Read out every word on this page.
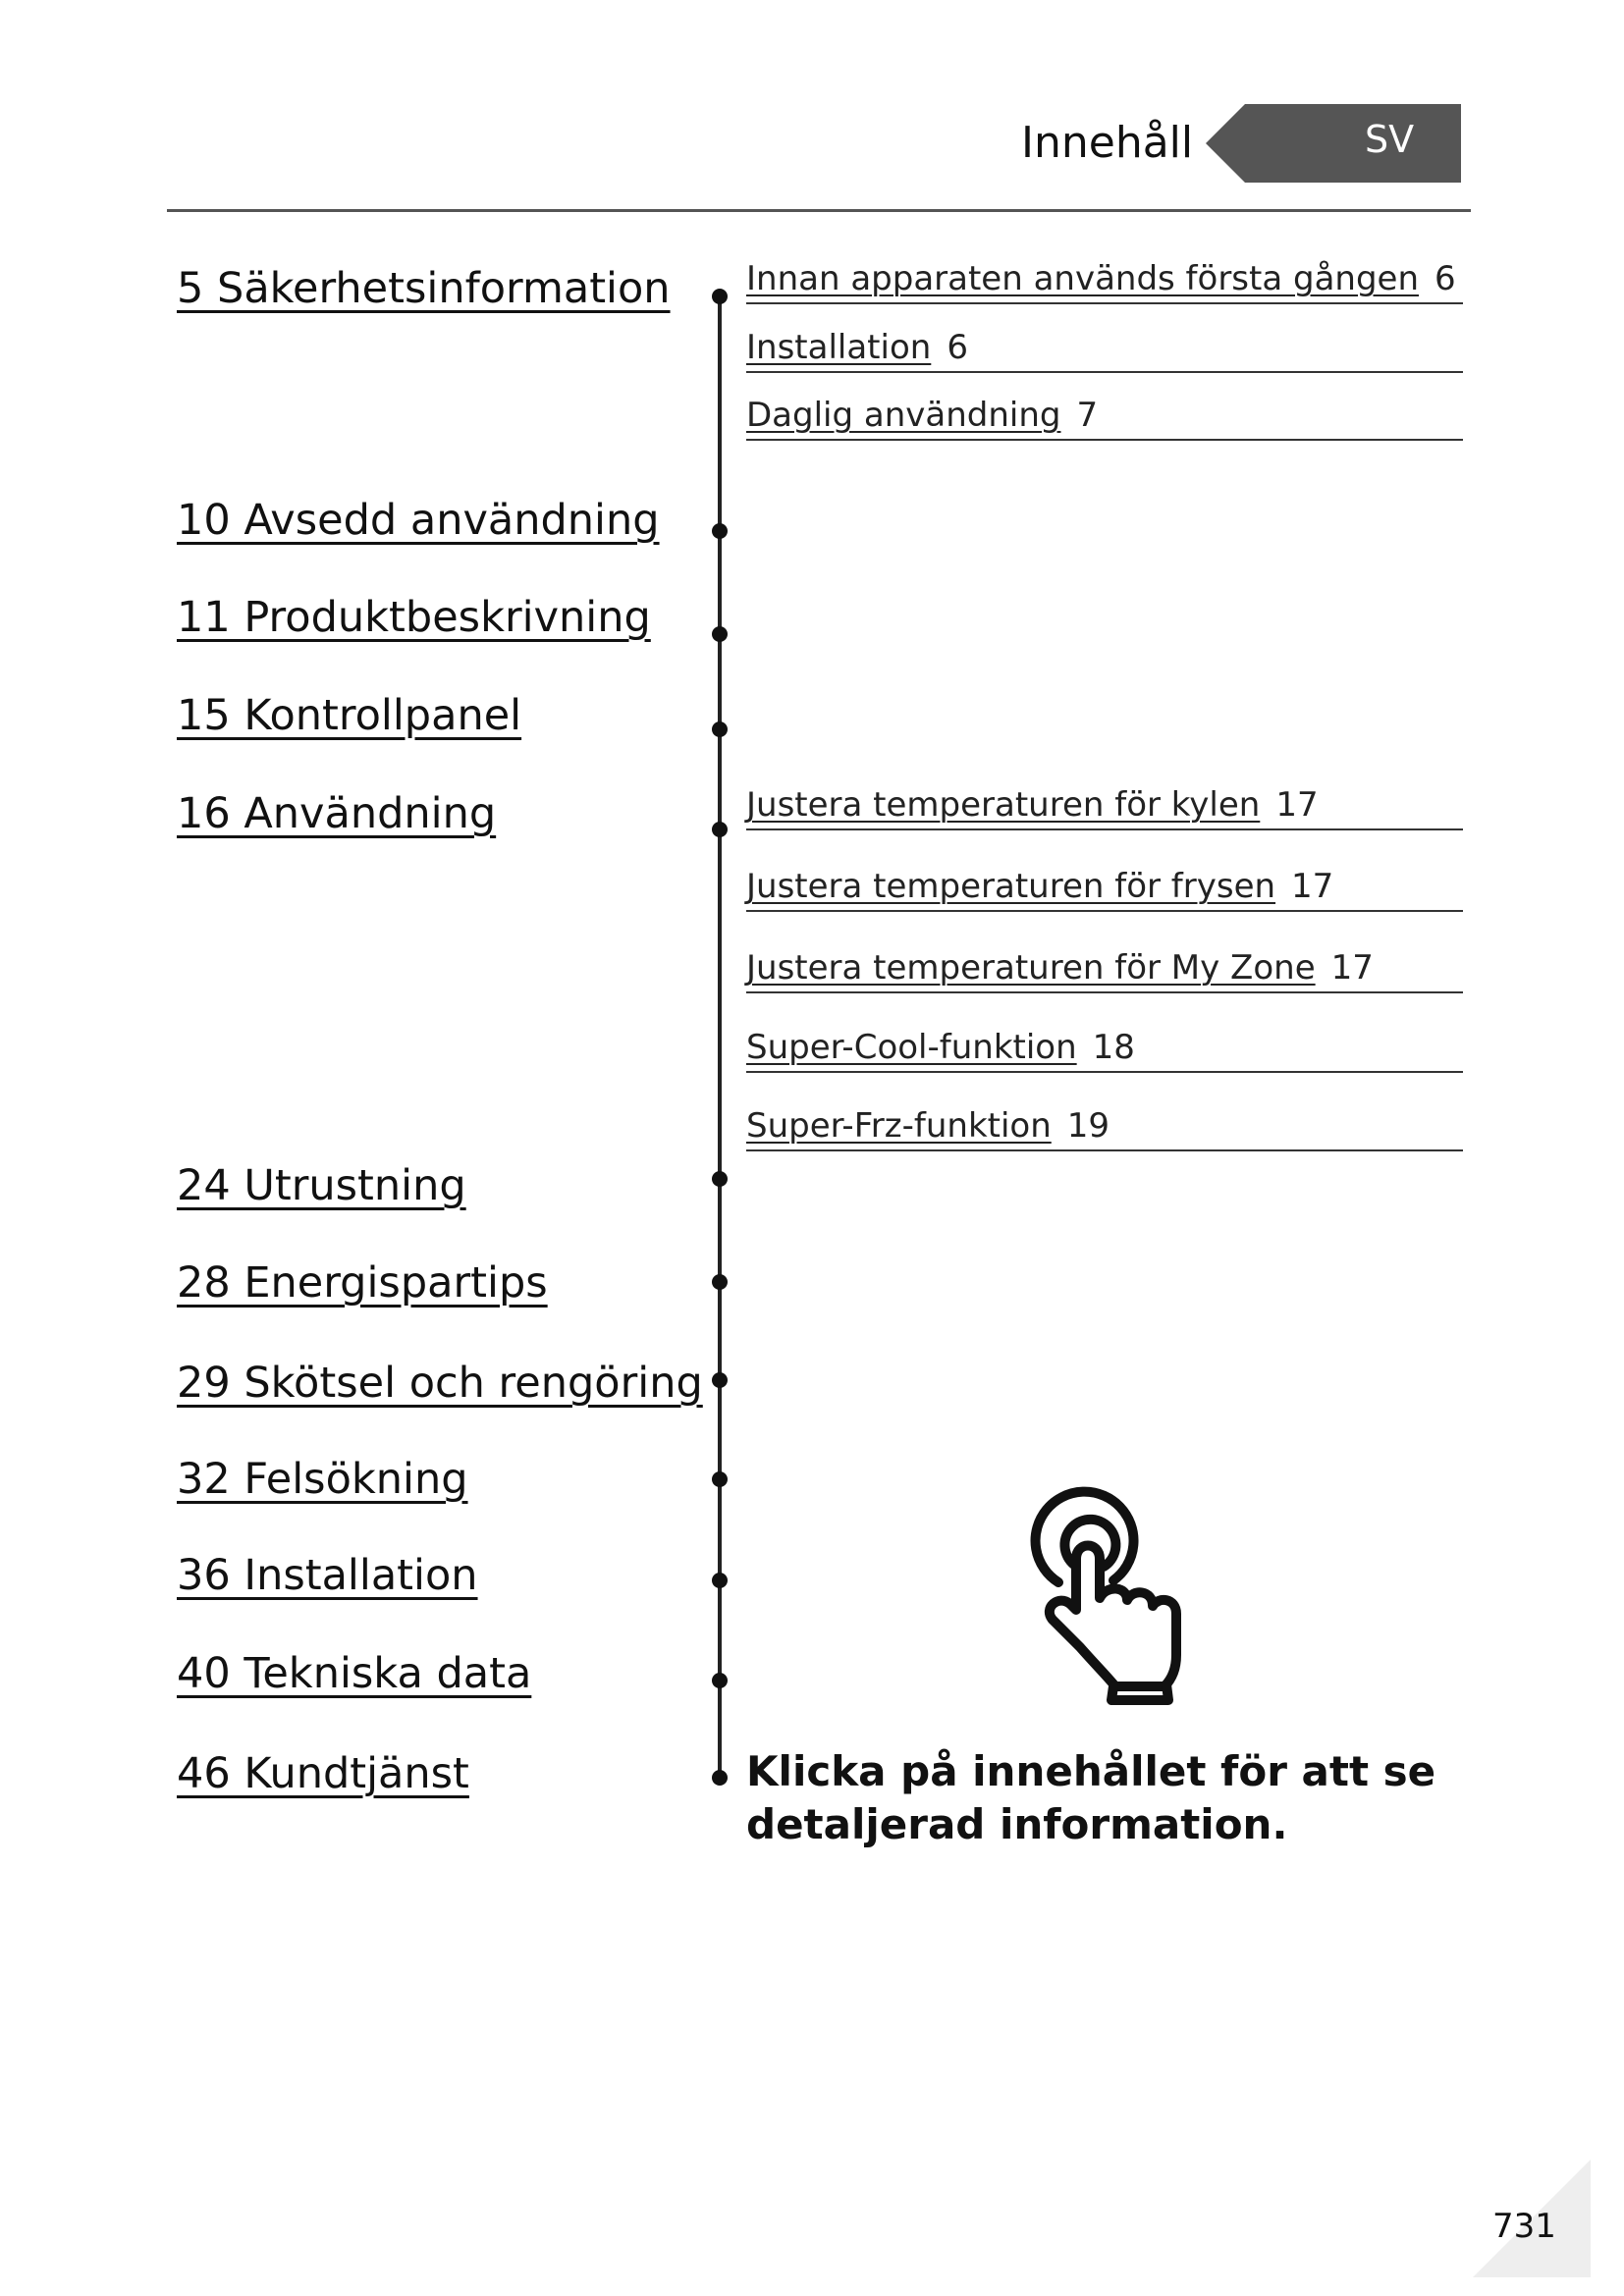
Innehåll	SV
5 Säkerhetsinformation
10 Avsedd användning
11 Produktbeskrivning
15 Kontrollpanel
16 Användning
24 Utrustning
28 Energispartips
29 Skötsel och rengöring
32 Felsökning
36 Installation
40 Tekniska data
46 Kundtjänst
Innan apparaten används första gången 6
Installation 6
Daglig användning 7
Justera temperaturen för kylen 17
Justera temperaturen för frysen 17
Justera temperaturen för My Zone 17
Super-Cool-funktion 18
Super-Frz-funktion 19
Klicka på innehållet för att se detaljerad information.
731
